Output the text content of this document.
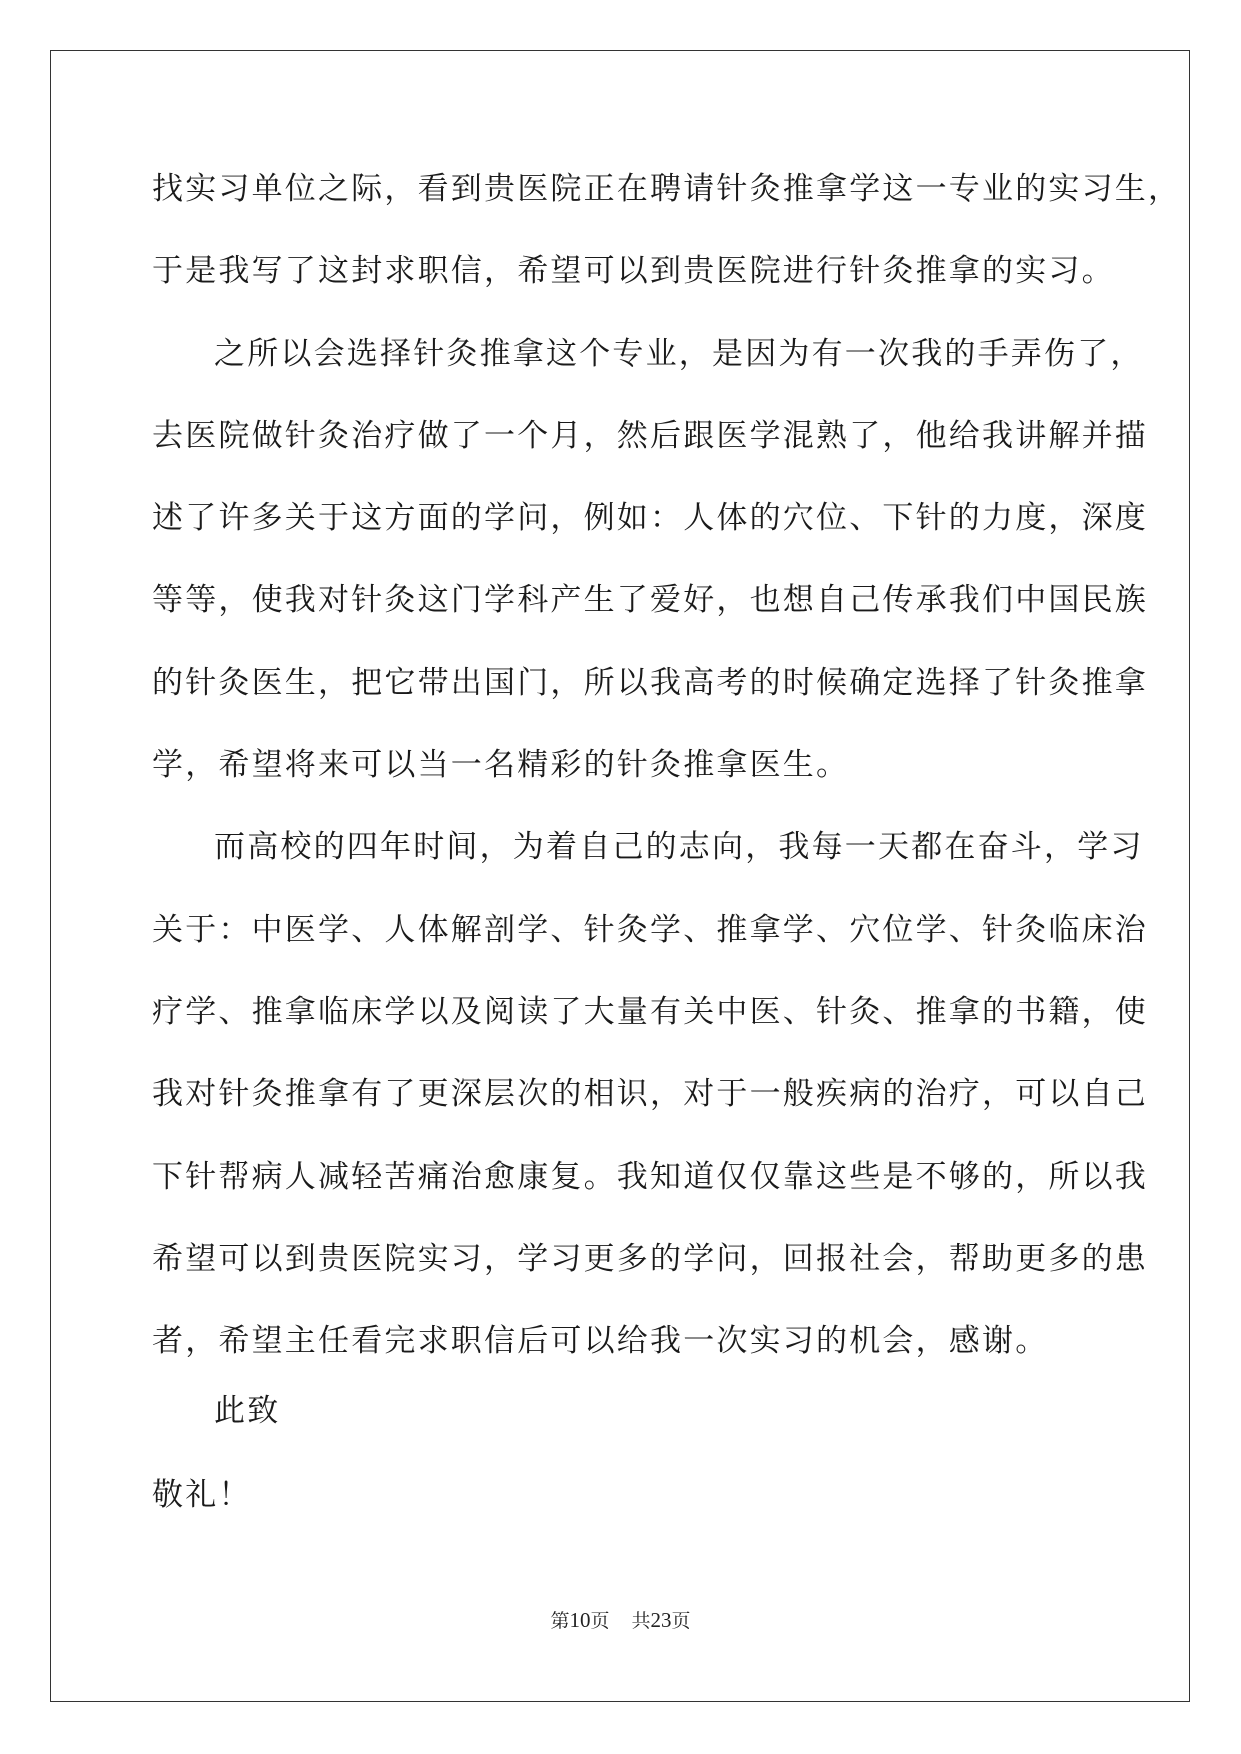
找实习单位之际，看到贵医院正在聘请针灸推拿学这一专业的实习生，
于是我写了这封求职信，希望可以到贵医院进行针灸推拿的实习。
之所以会选择针灸推拿这个专业，是因为有一次我的手弄伤了，
去医院做针灸治疗做了一个月，然后跟医学混熟了，他给我讲解并描
述了许多关于这方面的学问，例如：人体的穴位、下针的力度，深度
等等，使我对针灸这门学科产生了爱好，也想自己传承我们中国民族
的针灸医生，把它带出国门，所以我高考的时候确定选择了针灸推拿
学，希望将来可以当一名精彩的针灸推拿医生。
而高校的四年时间，为着自己的志向，我每一天都在奋斗，学习
关于：中医学、人体解剖学、针灸学、推拿学、穴位学、针灸临床治
疗学、推拿临床学以及阅读了大量有关中医、针灸、推拿的书籍，使
我对针灸推拿有了更深层次的相识，对于一般疾病的治疗，可以自己
下针帮病人减轻苦痛治愈康复。我知道仅仅靠这些是不够的，所以我
希望可以到贵医院实习，学习更多的学问，回报社会，帮助更多的患
者，希望主任看完求职信后可以给我一次实习的机会，感谢。
此致
敬礼！
第10页 共23页
